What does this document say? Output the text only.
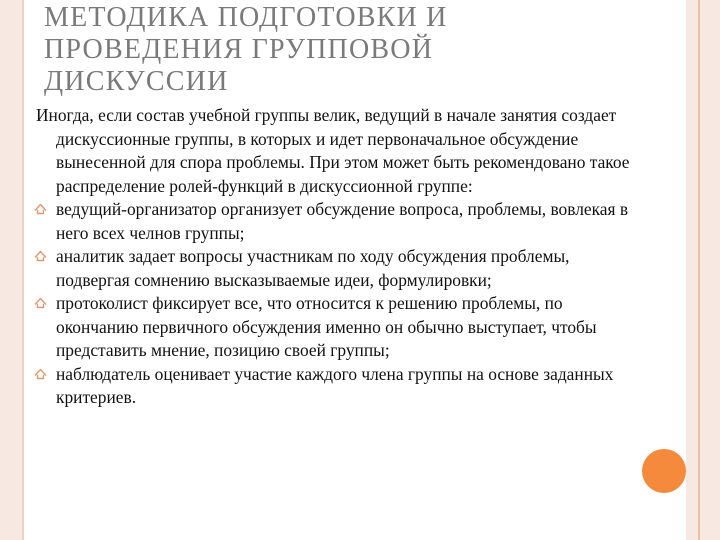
МЕТОДИКА ПОДГОТОВКИ И
ПРОВЕДЕНИЯ ГРУППОВОЙ
ДИСКУССИИ

Иногда, если состав учебной группы велик, ведущий в начале занятия создает дискуссионные группы, в которых и идет первоначальное обсуждение вынесенной для спора проблемы. При этом может быть рекомендовано такое распределение ролей-функций в дискуссионной группе:

ведущий-организатор организует обсуждение вопроса, проблемы, вовлекая в него всех челнов группы;
аналитик задает вопросы участникам по ходу обсуждения проблемы, подвергая сомнению высказываемые идеи, формулировки;
протоколист фиксирует все, что относится к решению проблемы, по окончанию первичного обсуждения именно он обычно выступает, чтобы представить мнение, позицию своей группы;
наблюдатель оценивает участие каждого члена группы на основе заданных критериев.
